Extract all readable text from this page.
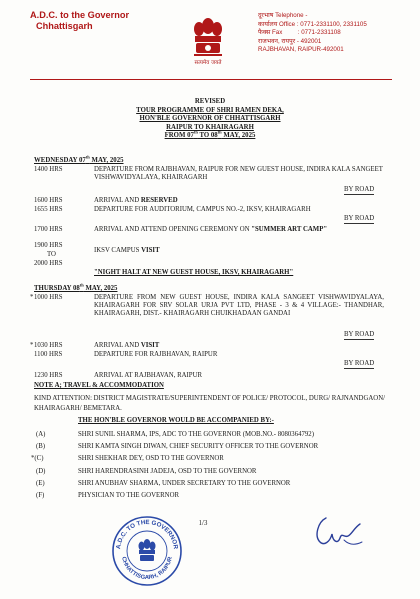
A.D.C. to the Governor
Chhattisgarh
सत्यमेव जयते
दूरभाष Telephone -
कार्यालय Office : 0771-2331100, 2331105
फैक्स Fax         : 0771-2331108
राजभवन, रायपुर - 492001
RAJBHAVAN, RAIPUR-492001
REVISED
TOUR PROGRAMME OF SHRI RAMEN DEKA,
HON'BLE GOVERNOR OF CHHATTISGARH
RAIPUR TO KHAIRAGARH
FROM 07th TO 08th MAY, 2025
WEDNESDAY 07th MAY, 2025
1400 HRS	DEPARTURE FROM RAJBHAVAN, RAIPUR FOR NEW GUEST HOUSE, INDIRA KALA SANGEET VISHWAVIDYALAYA, KHAIRAGARH
BY ROAD
1600 HRS	ARRIVAL AND RESERVED
1655 HRS	DEPARTURE FOR AUDITORIUM, CAMPUS NO.-2, IKSV, KHAIRAGARH
BY ROAD
1700 HRS	ARRIVAL AND ATTEND OPENING CEREMONY ON "SUMMER ART CAMP"
1900 HRS
IKSV CAMPUS VISIT
TO
2000 HRS
"NIGHT HALT AT NEW GUEST HOUSE, IKSV, KHAIRAGARH"
THURSDAY 08th MAY, 2025
* 1000 HRS	DEPARTURE FROM NEW GUEST HOUSE, INDIRA KALA SANGEET VISHWAVIDYALAYA, KHAIRAGARH FOR SRV SOLAR URJA PVT LTD, PHASE - 3 & 4 VILLAGE:- THANDHAR, KHAIRAGARH, DIST.- KHAIRAGARH CHUIKHADAAN GANDAI
BY ROAD
* 1030 HRS	ARRIVAL AND VISIT
1100 HRS	DEPARTURE FOR RAJBHAVAN, RAIPUR
BY ROAD
1230 HRS	ARRIVAL AT RAJBHAVAN, RAIPUR
NOTE A; TRAVEL & ACCOMMODATION
KIND ATTENTION: DISTRICT MAGISTRATE/SUPERINTENDENT OF POLICE/ PROTOCOL, DURG/ RAJNANDGAON/ KHAIRAGARH/ BEMETARA.
THE HON'BLE GOVERNOR WOULD BE ACCOMPANIED BY:-
(A)	SHRI SUNIL SHARMA, IPS, ADC TO THE GOVERNOR (MOB.NO.- 8080364792)
(B)	SHRI KAMTA SINGH DIWAN, CHIEF SECURITY OFFICER TO THE GOVERNOR
*(C)	SHRI SHEKHAR DEY, OSD TO THE GOVERNOR
(D)	SHRI HARENDRASINH JADEJA, OSD TO THE GOVERNOR
(E)	SHRI ANUBHAV SHARMA, UNDER SECRETARY TO THE GOVERNOR
(F)	PHYSICIAN TO THE GOVERNOR
1/3
A.D.C. TO THE GOVERNOR
CHHATTISGARH, RAIPUR
